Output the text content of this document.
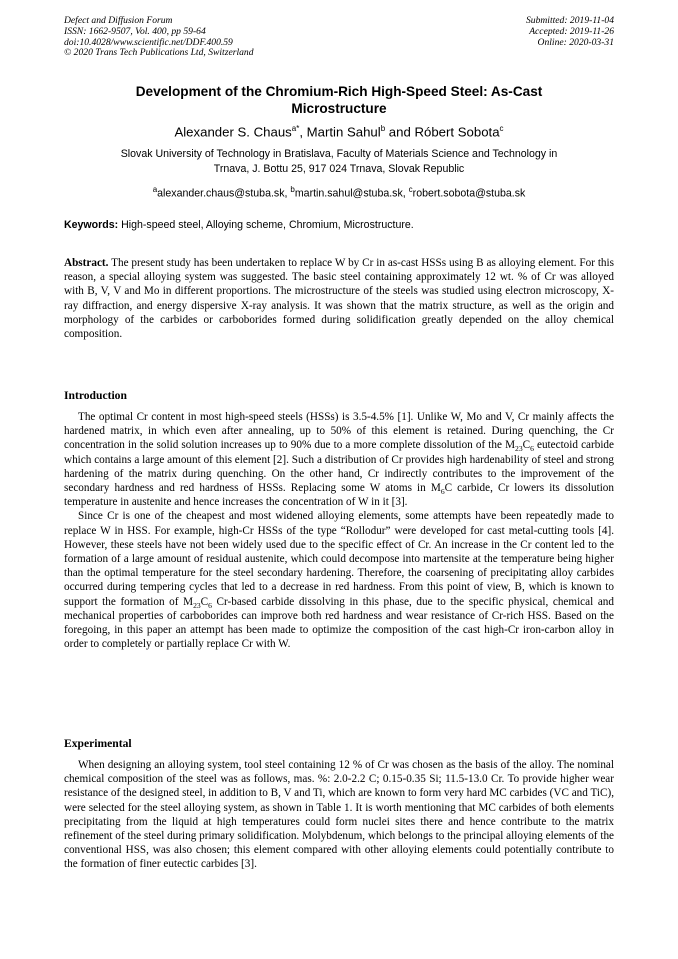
Defect and Diffusion Forum
ISSN: 1662-9507, Vol. 400, pp 59-64
doi:10.4028/www.scientific.net/DDF.400.59
© 2020 Trans Tech Publications Ltd, Switzerland
Submitted: 2019-11-04
Accepted: 2019-11-26
Online: 2020-03-31
Development of the Chromium-Rich High-Speed Steel: As-Cast
Microstructure
Alexander S. Chaus$^{a*}$, Martin Sahul$^b$ and Róbert Sobota$^c$
Slovak University of Technology in Bratislava, Faculty of Materials Science and Technology in
Trnava, J. Bottu 25, 917 024 Trnava, Slovak Republic
$^a$alexander.chaus@stuba.sk, $^b$martin.sahul@stuba.sk, $^c$robert.sobota@stuba.sk
Keywords: High-speed steel, Alloying scheme, Chromium, Microstructure.
Abstract. The present study has been undertaken to replace W by Cr in as-cast HSSs using B as alloying element. For this reason, a special alloying system was suggested. The basic steel containing approximately 12 wt. % of Cr was alloyed with B, V, V and Mo in different proportions. The microstructure of the steels was studied using electron microscopy, X-ray diffraction, and energy dispersive X-ray analysis. It was shown that the matrix structure, as well as the origin and morphology of the carbides or carboborides formed during solidification greatly depended on the alloy chemical composition.
Introduction

The optimal Cr content in most high-speed steels (HSSs) is 3.5-4.5% [1]. Unlike W, Mo and V, Cr mainly affects the hardened matrix, in which even after annealing, up to 50% of this element is retained. During quenching, the Cr concentration in the solid solution increases up to 90% due to a more complete dissolution of the $M_{23}C_6$ eutectoid carbide which contains a large amount of this element [2]. Such a distribution of Cr provides high hardenability of steel and strong hardening of the matrix during quenching. On the other hand, Cr indirectly contributes to the improvement of the secondary hardness and red hardness of HSSs. Replacing some W atoms in $M_6C$ carbide, Cr lowers its dissolution temperature in austenite and hence increases the concentration of W in it [3].

Since Cr is one of the cheapest and most widened alloying elements, some attempts have been repeatedly made to replace W in HSS. For example, high-Cr HSSs of the type “Rollodur” were developed for cast metal-cutting tools [4]. However, these steels have not been widely used due to the specific effect of Cr. An increase in the Cr content led to the formation of a large amount of residual austenite, which could decompose into martensite at the temperature being higher than the optimal temperature for the steel secondary hardening. Therefore, the coarsening of precipitating alloy carbides occurred during tempering cycles that led to a decrease in red hardness. From this point of view, B, which is known to support the formation of $M_{23}C_6$ Cr-based carbide dissolving in this phase, due to the specific physical, chemical and mechanical properties of carboborides can improve both red hardness and wear resistance of Cr-rich HSS. Based on the foregoing, in this paper an attempt has been made to optimize the composition of the cast high-Cr iron-carbon alloy in order to completely or partially replace Cr with W.

Experimental

When designing an alloying system, tool steel containing 12 % of Cr was chosen as the basis of the alloy. The nominal chemical composition of the steel was as follows, mas. %: 2.0-2.2 C; 0.15-0.35 Si; 11.5-13.0 Cr. To provide higher wear resistance of the designed steel, in addition to B, V and Ti, which are known to form very hard MC carbides (VC and TiC), were selected for the steel alloying system, as shown in Table 1. It is worth mentioning that MC carbides of both elements precipitating from the liquid at high temperatures could form nuclei sites there and hence contribute to the matrix refinement of the steel during primary solidification. Molybdenum, which belongs to the principal alloying elements of the conventional HSS, was also chosen; this element compared with other alloying elements could potentially contribute to the formation of finer eutectic carbides [3].
